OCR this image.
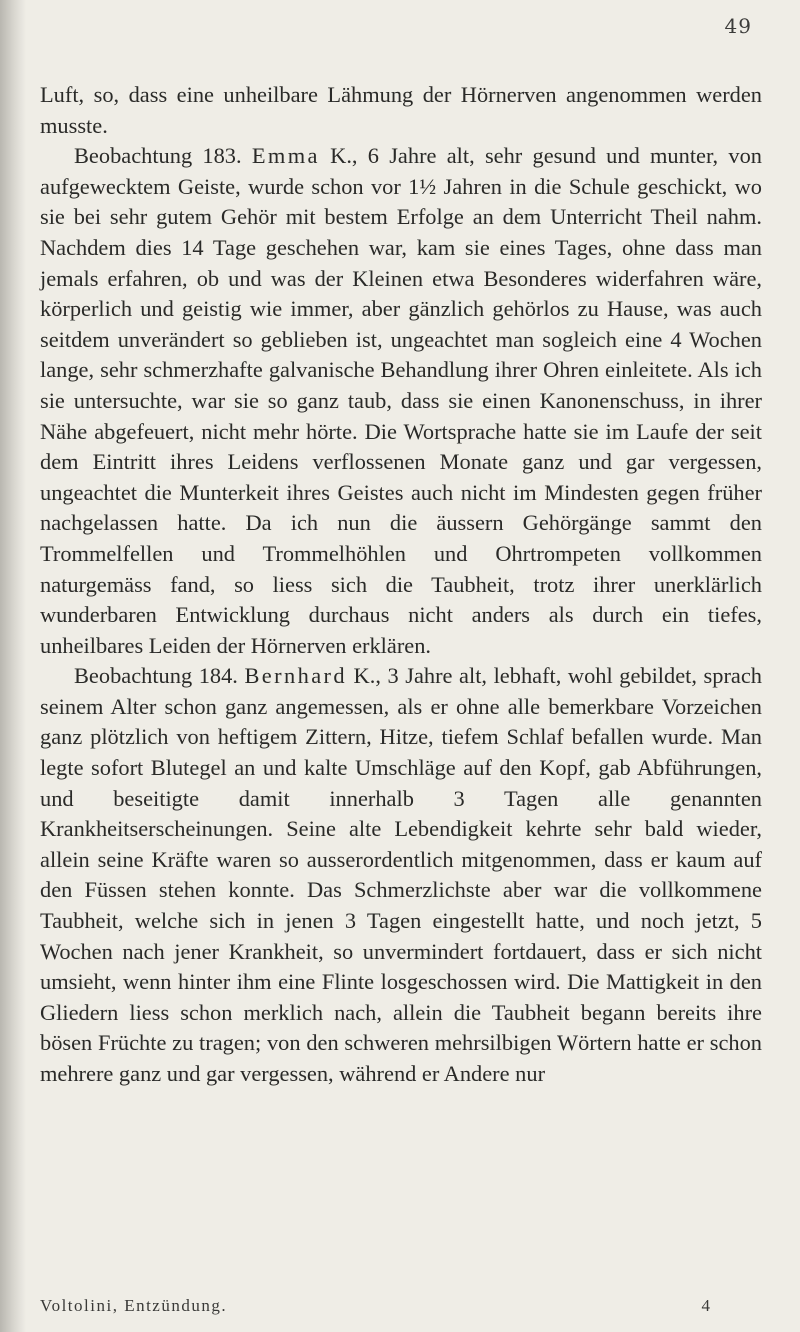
49

Luft, so, dass eine unheilbare Lähmung der Hörnerven angenommen werden musste.

Beobachtung 183. Emma K., 6 Jahre alt, sehr gesund und munter, von aufgewecktem Geiste, wurde schon vor 1½ Jahren in die Schule geschickt, wo sie bei sehr gutem Gehör mit bestem Erfolge an dem Unterricht Theil nahm. Nachdem dies 14 Tage geschehen war, kam sie eines Tages, ohne dass man jemals erfahren, ob und was der Kleinen etwa Besonderes widerfahren wäre, körperlich und geistig wie immer, aber gänzlich gehörlos zu Hause, was auch seitdem unverändert so geblieben ist, ungeachtet man sogleich eine 4 Wochen lange, sehr schmerzhafte galvanische Behandlung ihrer Ohren einleitete. Als ich sie untersuchte, war sie so ganz taub, dass sie einen Kanonenschuss, in ihrer Nähe abgefeuert, nicht mehr hörte. Die Wortsprache hatte sie im Laufe der seit dem Eintritt ihres Leidens verflossenen Monate ganz und gar vergessen, ungeachtet die Munterkeit ihres Geistes auch nicht im Mindesten gegen früher nachgelassen hatte. Da ich nun die äussern Gehörgänge sammt den Trommelfellen und Trommelhöhlen und Ohrtrompeten vollkommen naturgemäss fand, so liess sich die Taubheit, trotz ihrer unerklärlich wunderbaren Entwicklung durchaus nicht anders als durch ein tiefes, unheilbares Leiden der Hörnerven erklären.

Beobachtung 184. Bernhard K., 3 Jahre alt, lebhaft, wohl gebildet, sprach seinem Alter schon ganz angemessen, als er ohne alle bemerkbare Vorzeichen ganz plötzlich von heftigem Zittern, Hitze, tiefem Schlaf befallen wurde. Man legte sofort Blutegel an und kalte Umschläge auf den Kopf, gab Abführungen, und beseitigte damit innerhalb 3 Tagen alle genannten Krankheitserscheinungen. Seine alte Lebendigkeit kehrte sehr bald wieder, allein seine Kräfte waren so ausserordentlich mitgenommen, dass er kaum auf den Füssen stehen konnte. Das Schmerzlichste aber war die vollkommene Taubheit, welche sich in jenen 3 Tagen eingestellt hatte, und noch jetzt, 5 Wochen nach jener Krankheit, so unvermindert fortdauert, dass er sich nicht umsieht, wenn hinter ihm eine Flinte losgeschossen wird. Die Mattigkeit in den Gliedern liess schon merklich nach, allein die Taubheit begann bereits ihre bösen Früchte zu tragen; von den schweren mehrsilbigen Wörtern hatte er schon mehrere ganz und gar vergessen, während er Andere nur

Voltolini, Entzündung.	4
